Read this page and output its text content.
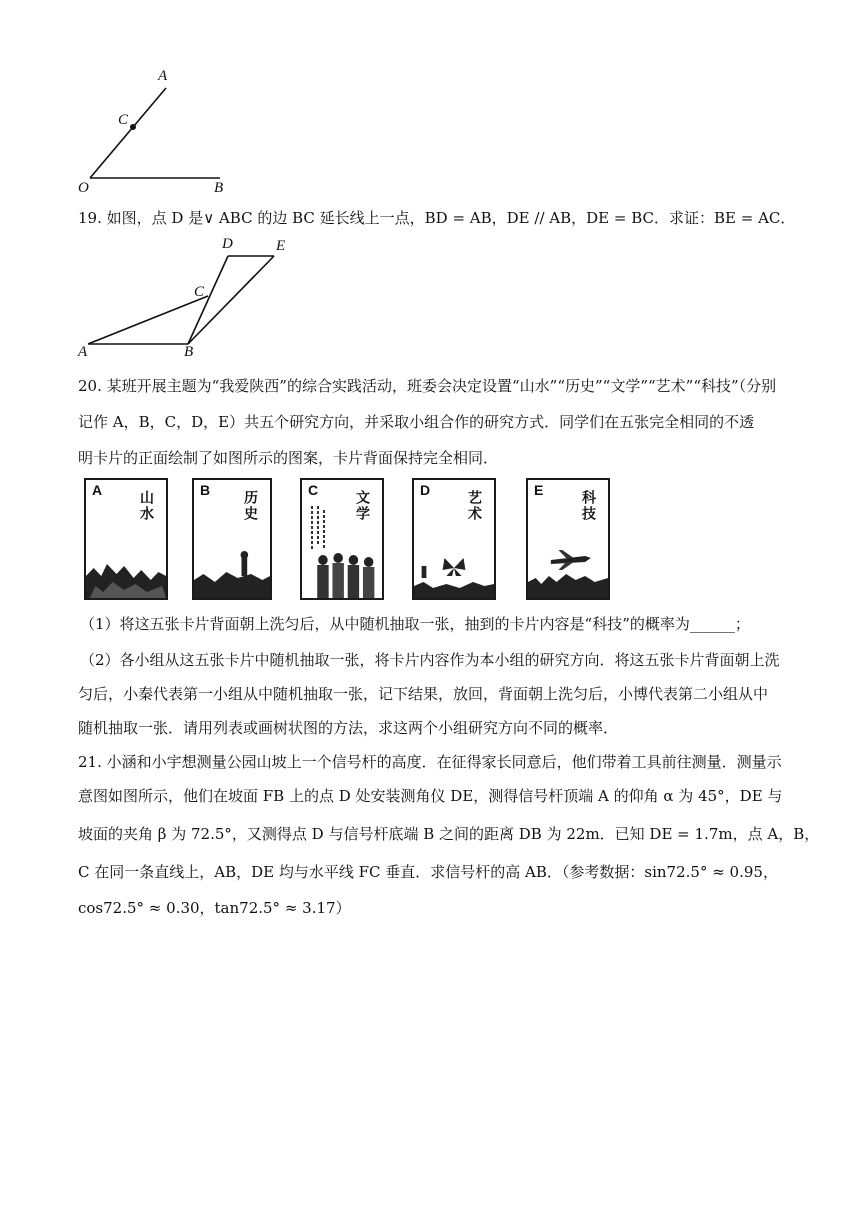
A
C
O	B
19. 如图，点 D 是∨ ABC 的边 BC 延长线上一点，BD = AB，DE // AB，DE = BC．求证：BE = AC．
D	E
C
A	B
20. 某班开展主题为“我爱陕西”的综合实践活动，班委会决定设置“山水”“历史”“文学”“艺术”“科技”（分别
记作 A，B，C，D，E）共五个研究方向，并采取小组合作的研究方式．同学们在五张完全相同的不透
明卡片的正面绘制了如图所示的图案，卡片背面保持完全相同．
A	山水	B 历史	C	文学	D	艺术	E	科技
（1）将这五张卡片背面朝上洗匀后，从中随机抽取一张，抽到的卡片内容是“科技”的概率为______；
（2）各小组从这五张卡片中随机抽取一张，将卡片内容作为本小组的研究方向．将这五张卡片背面朝上洗
匀后，小秦代表第一小组从中随机抽取一张，记下结果，放回，背面朝上洗匀后，小博代表第二小组从中
随机抽取一张．请用列表或画树状图的方法，求这两个小组研究方向不同的概率．
21. 小涵和小宇想测量公园山坡上一个信号杆的高度．在征得家长同意后，他们带着工具前往测量．测量示
意图如图所示，他们在坡面 FB 上的点 D 处安装测角仪 DE，测得信号杆顶端 A 的仰角 α 为 45°，DE 与
坡面的夹角 β 为 72.5°，又测得点 D 与信号杆底端 B 之间的距离 DB 为 22m．已知 DE = 1.7m，点 A，B，
C 在同一条直线上，AB，DE 均与水平线 FC 垂直．求信号杆的高 AB．（参考数据：sin72.5° ≈ 0.95，
cos72.5° ≈ 0.30，tan72.5° ≈ 3.17）
